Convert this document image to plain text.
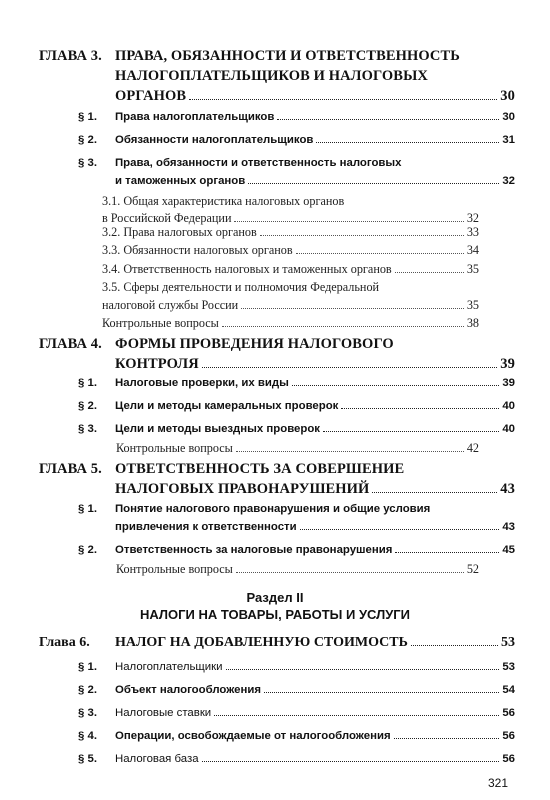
ГЛАВА 3. ПРАВА, ОБЯЗАННОСТИ И ОТВЕТСТВЕННОСТЬ
НАЛОГОПЛАТЕЛЬЩИКОВ И НАЛОГОВЫХ
ОРГАНОВ	30
§ 1. Права налогоплательщиков	30
§ 2. Обязанности налогоплательщиков	31
§ 3. Права, обязанности и ответственность налоговых
и таможенных органов	32
3.1. Общая характеристика налоговых органов
в Российской Федерации	32
3.2. Права налоговых органов	33
3.3. Обязанности налоговых органов	34
3.4. Ответственность налоговых и таможенных органов	35
3.5. Сферы деятельности и полномочия Федеральной
налоговой службы России	35
Контрольные вопросы	38
ГЛАВА 4. ФОРМЫ ПРОВЕДЕНИЯ НАЛОГОВОГО
КОНТРОЛЯ	39
§ 1. Налоговые проверки, их виды	39
§ 2. Цели и методы камеральных проверок	40
§ 3. Цели и методы выездных проверок	40
Контрольные вопросы	42
ГЛАВА 5. ОТВЕТСТВЕННОСТЬ ЗА СОВЕРШЕНИЕ
НАЛОГОВЫХ ПРАВОНАРУШЕНИЙ	43
§ 1. Понятие налогового правонарушения и общие условия
привлечения к ответственности	43
§ 2. Ответственность за налоговые правонарушения	45
Контрольные вопросы	52
Раздел II
НАЛОГИ НА ТОВАРЫ, РАБОТЫ И УСЛУГИ
Глава 6. НАЛОГ НА ДОБАВЛЕННУЮ СТОИМОСТЬ	53
§ 1. Налогоплательщики	53
§ 2. Объект налогообложения	54
§ 3. Налоговые ставки	56
§ 4. Операции, освобождаемые от налогообложения	56
§ 5. Налоговая база	56
321
